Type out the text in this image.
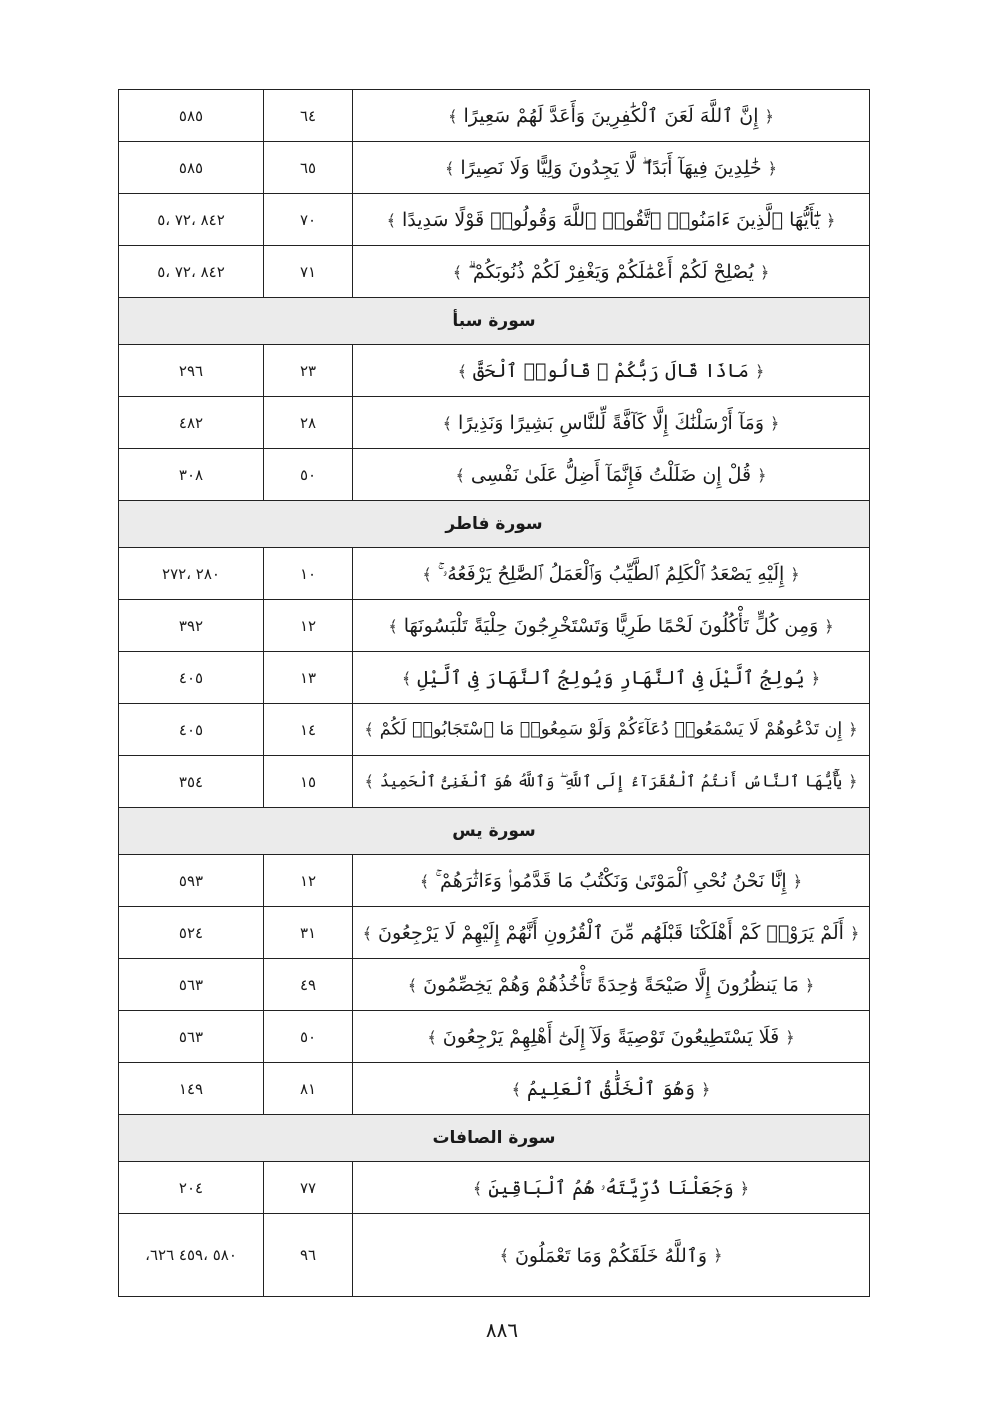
٥٨٥	٦٤	﴿إِنَّ ٱللَّهَ لَعَنَ ٱلْكَٰفِرِينَ وَأَعَدَّ لَهُمْ سَعِيرًا﴾
٥٨٥	٦٥	﴿خَٰلِدِينَ فِيهَآ أَبَدًا ۖ لَّا يَجِدُونَ وَلِيًّا وَلَا نَصِيرًا﴾
٨٤٢ ،٧٢ ،٥	٧٠	﴿يَٰٓأَيُّهَا ٱلَّذِينَ ءَامَنُوا۟ ٱتَّقُوا۟ ٱللَّهَ وَقُولُوا۟ قَوْلًا سَدِيدًا﴾
٨٤٢ ،٧٢ ،٥	٧١	﴿يُصْلِحْ لَكُمْ أَعْمَٰلَكُمْ وَيَغْفِرْ لَكُمْ ذُنُوبَكُمْ ۗ﴾
سورة سبأ		
٢٩٦	٢٣	﴿مَاذَا قَالَ رَبُّكُمْ ۖ قَالُوا۟ ٱلْحَقَّ﴾
٤٨٢	٢٨	﴿وَمَآ أَرْسَلْنَٰكَ إِلَّا كَآفَّةً لِّلنَّاسِ بَشِيرًا وَنَذِيرًا﴾
٣٠٨	٥٠	﴿قُلْ إِن ضَلَلْتُ فَإِنَّمَآ أَضِلُّ عَلَىٰ نَفْسِى﴾
سورة فاطر		
٢٨٠ ،٢٧٢	١٠	﴿إِلَيْهِ يَصْعَدُ ٱلْكَلِمُ ٱلطَّيِّبُ وَٱلْعَمَلُ ٱلصَّٰلِحُ يَرْفَعُهُۥ ۚ﴾
٣٩٢	١٢	﴿وَمِن كُلٍّ تَأْكُلُونَ لَحْمًا طَرِيًّا وَتَسْتَخْرِجُونَ حِلْيَةً تَلْبَسُونَهَا﴾
٤٠٥	١٣	﴿يُولِجُ ٱلَّيْلَ فِى ٱلنَّهَارِ وَيُولِجُ ٱلنَّهَارَ فِى ٱلَّيْلِ﴾
٤٠٥	١٤	﴿إِن تَدْعُوهُمْ لَا يَسْمَعُوا۟ دُعَآءَكُمْ وَلَوْ سَمِعُوا۟ مَا ٱسْتَجَابُوا۟ لَكُمْ﴾
٣٥٤	١٥	﴿يَٰٓأَيُّهَا ٱلنَّاسُ أَنتُمُ ٱلْفُقَرَآءُ إِلَى ٱللَّهِ ۖ وَٱللَّهُ هُوَ ٱلْغَنِىُّ ٱلْحَمِيدُ﴾
سورة يس		
٥٩٣	١٢	﴿إِنَّا نَحْنُ نُحْىِ ٱلْمَوْتَىٰ وَنَكْتُبُ مَا قَدَّمُوا۟ وَءَاثَٰرَهُمْ ۚ﴾
٥٢٤	٣١	﴿أَلَمْ يَرَوْا۟ كَمْ أَهْلَكْنَا قَبْلَهُم مِّنَ ٱلْقُرُونِ أَنَّهُمْ إِلَيْهِمْ لَا يَرْجِعُونَ﴾
٥٦٣	٤٩	﴿مَا يَنظُرُونَ إِلَّا صَيْحَةً وَٰحِدَةً تَأْخُذُهُمْ وَهُمْ يَخِصِّمُونَ﴾
٥٦٣	٥٠	﴿فَلَا يَسْتَطِيعُونَ تَوْصِيَةً وَلَآ إِلَىٰٓ أَهْلِهِمْ يَرْجِعُونَ﴾
١٤٩	٨١	﴿وَهُوَ ٱلْخَلَّٰقُ ٱلْعَلِيمُ﴾
سورة الصافات		
٢٠٤	٧٧	﴿وَجَعَلْنَا ذُرِّيَّتَهُۥ هُمُ ٱلْبَاقِينَ﴾
،٥٨٠ ،٤٥٩ ٦٢٦	٩٦	﴿وَٱللَّهُ خَلَقَكُمْ وَمَا تَعْمَلُونَ﴾
٨٨٦
